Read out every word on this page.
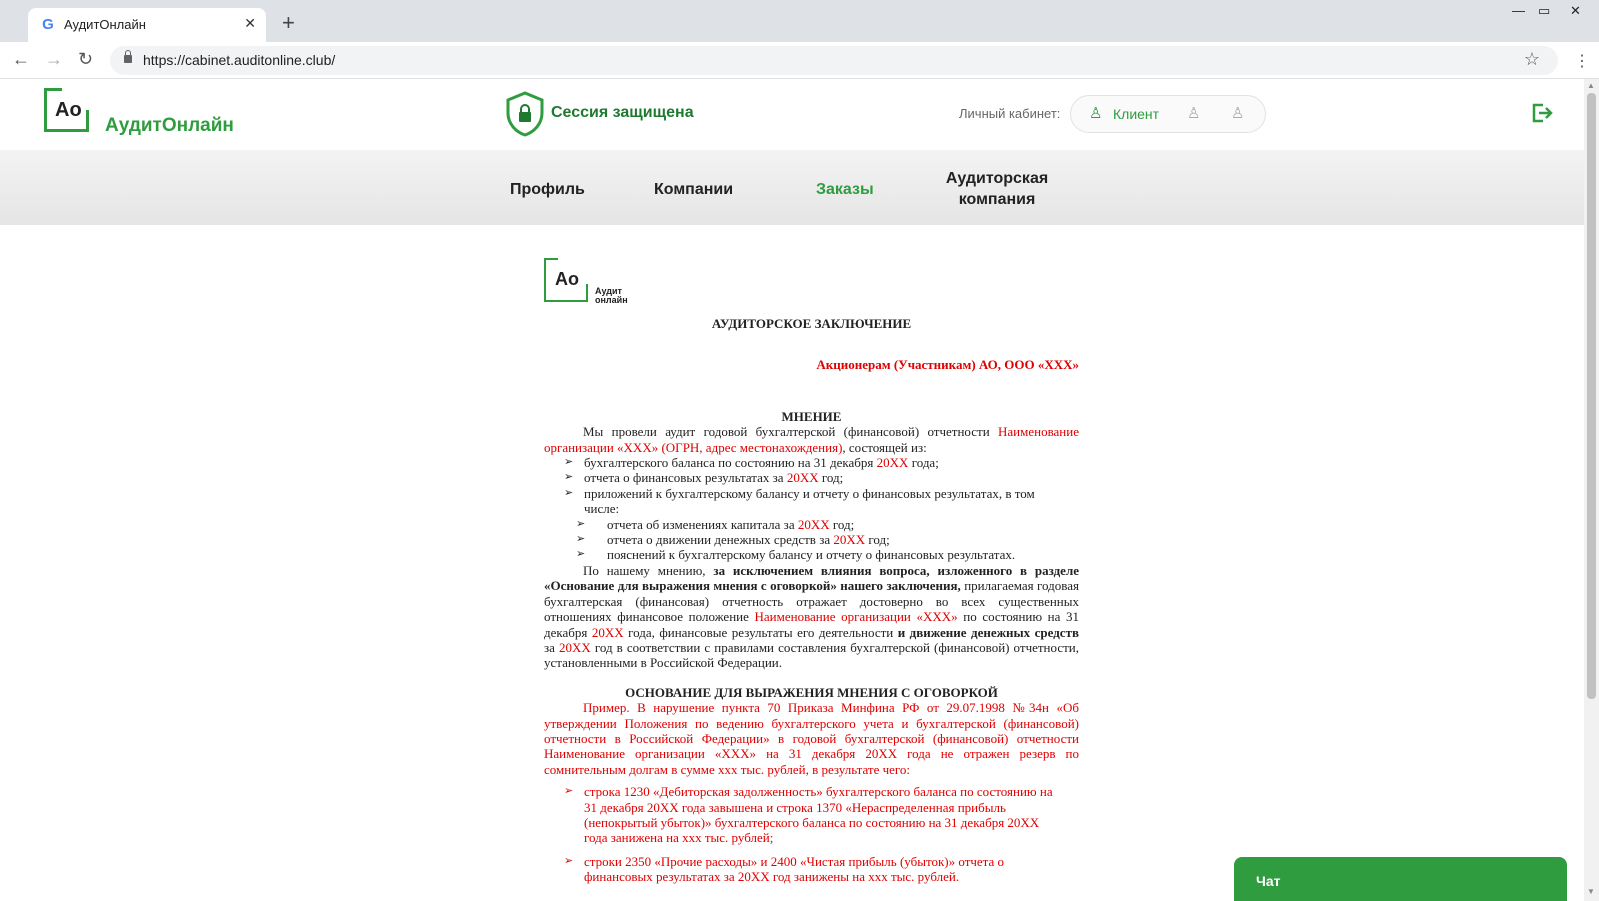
G АудитОнлайн	✕ +	— ▭ ✕
← → ↻	https://cabinet.auditonline.club/	☆ ⋮
▲
▼
Ао
АудитОнлайн
Сессия защищена	Личный кабинет: ♙ Клиент ♙ ♙
Профиль	Компании	Заказы
Аудиторская
компания
Ао
Аудит
онлайн
АУДИТОРСКОЕ ЗАКЛЮЧЕНИЕ
Акционерам (Участникам) АО, ООО «ХХХ»
МНЕНИЕ
Мы провели аудит годовой бухгалтерской (финансовой) отчетности Наименование организации «ХХХ» (ОГРН, адрес местонахождения), состоящей из:
➢ бухгалтерского баланса по состоянию на 31 декабря 20ХХ года;
➢ отчета о финансовых результатах за 20ХХ год;
➢ приложений к бухгалтерскому балансу и отчету о финансовых результатах, в том числе:
➢ отчета об изменениях капитала за 20ХХ год;
➢ отчета о движении денежных средств за 20ХХ год;
➢ пояснений к бухгалтерскому балансу и отчету о финансовых результатах.
По нашему мнению, за исключением влияния вопроса, изложенного в разделе «Основание для выражения мнения с оговоркой» нашего заключения, прилагаемая годовая бухгалтерская (финансовая) отчетность отражает достоверно во всех существенных отношениях финансовое положение Наименование организации «ХХХ» по состоянию на 31 декабря 20ХХ года, финансовые результаты его деятельности и движение денежных средств за 20ХХ год в соответствии с правилами составления бухгалтерской (финансовой) отчетности, установленными в Российской Федерации.
ОСНОВАНИЕ ДЛЯ ВЫРАЖЕНИЯ МНЕНИЯ С ОГОВОРКОЙ
Пример. В нарушение пункта 70 Приказа Минфина РФ от 29.07.1998 №34н «Об утверждении Положения по ведению бухгалтерского учета и бухгалтерской (финансовой) отчетности в Российской Федерации» в годовой бухгалтерской (финансовой) отчетности Наименование организации «ХХХ» на 31 декабря 20ХХ года не отражен резерв по сомнительным долгам в сумме ххх тыс. рублей, в результате чего:
➢ строка 1230 «Дебиторская задолженность» бухгалтерского баланса по состоянию на 31 декабря 20ХХ года завышена и строка 1370 «Нераспределенная прибыль (непокрытый убыток)» бухгалтерского баланса по состоянию на 31 декабря 20ХХ года занижена на ххх тыс. рублей;
➢ строки 2350 «Прочие расходы» и 2400 «Чистая прибыль (убыток)» отчета о финансовых результатах за 20ХХ год занижены на ххх тыс. рублей.	Чат
